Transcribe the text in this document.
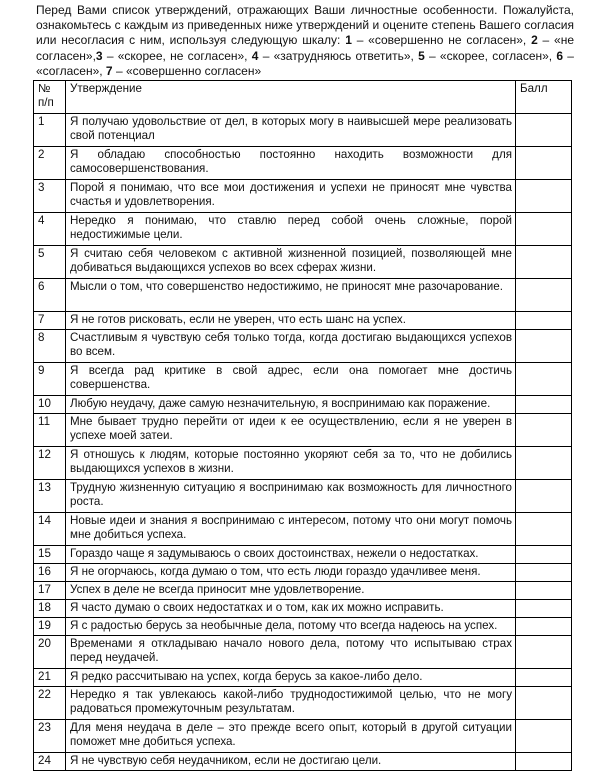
Перед Вами список утверждений, отражающих Ваши личностные особенности. Пожалуйста, ознакомьтесь с каждым из приведенных ниже утверждений и оцените степень Вашего согласия или несогласия с ним, используя следующую шкалу: 1 – «совершенно не согласен», 2 – «не согласен»,3 – «скорее, не согласен», 4 – «затрудняюсь ответить», 5 – «скорее, согласен», 6 – «согласен», 7 – «совершенно согласен»

№ п/п	Утверждение	Балл
1	Я получаю удовольствие от дел, в которых могу в наивысшей мере реализовать свой потенциал	
2	Я обладаю способностью постоянно находить возможности для самосовершенствования.	
3	Порой я понимаю, что все мои достижения и успехи не приносят мне чувства счастья и удовлетворения.	
4	Нередко я понимаю, что ставлю перед собой очень сложные, порой недостижимые цели.	
5	Я считаю себя человеком с активной жизненной позицией, позволяющей мне добиваться выдающихся успехов во всех сферах жизни.	
6	Мысли о том, что совершенство недостижимо, не приносят мне разочарование.	
7	Я не готов рисковать, если не уверен, что есть шанс на успех.	
8	Счастливым я чувствую себя только тогда, когда достигаю выдающихся успехов во всем.	
9	Я всегда рад критике в свой адрес, если она помогает мне достичь совершенства.	
10	Любую неудачу, даже самую незначительную, я воспринимаю как поражение.	
11	Мне бывает трудно перейти от идеи к ее осуществлению, если я не уверен в успехе моей затеи.	
12	Я отношусь к людям, которые постоянно укоряют себя за то, что не добились выдающихся успехов в жизни.	
13	Трудную жизненную ситуацию я воспринимаю как возможность для личностного роста.	
14	Новые идеи и знания я воспринимаю с интересом, потому что они могут помочь мне добиться успеха.	
15	Гораздо чаще я задумываюсь о своих достоинствах, нежели о недостатках.	
16	Я не огорчаюсь, когда думаю о том, что есть люди гораздо удачливее меня.	
17	Успех в деле не всегда приносит мне удовлетворение.	
18	Я часто думаю о своих недостатках и о том, как их можно исправить.	
19	Я с радостью берусь за необычные дела, потому что всегда надеюсь на успех.	
20	Временами я откладываю начало нового дела, потому что испытываю страх перед неудачей.	
21	Я редко рассчитываю на успех, когда берусь за какое-либо дело.	
22	Нередко я так увлекаюсь какой-либо труднодостижимой целью, что не могу радоваться промежуточным результатам.	
23	Для меня неудача в деле – это прежде всего опыт, который в другой ситуации поможет мне добиться успеха.	
24	Я не чувствую себя неудачником, если не достигаю цели.	
